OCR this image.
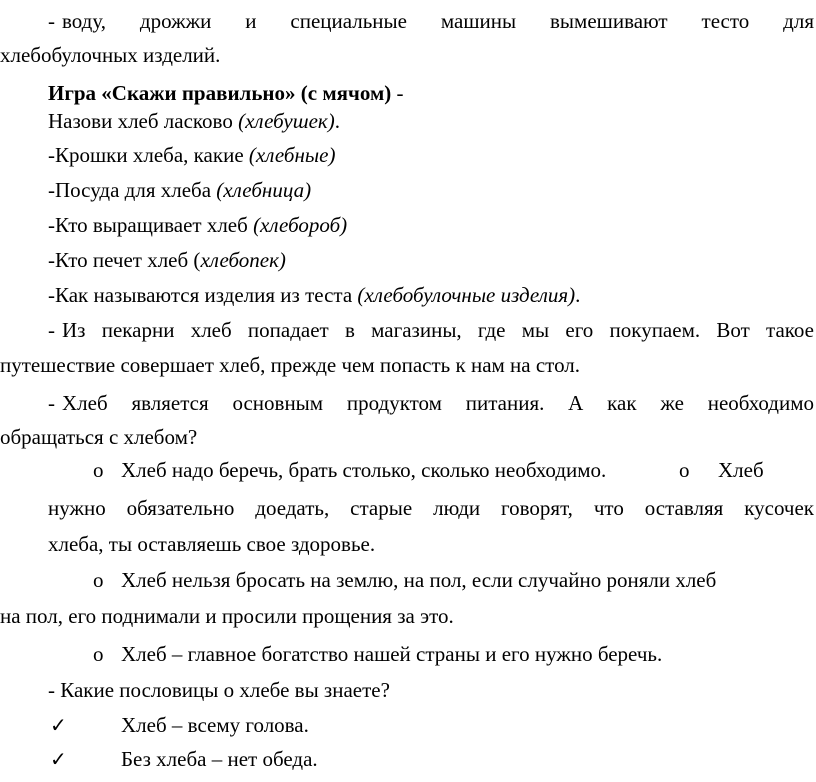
- воду, дрожжи и специальные машины вымешивают тесто для
хлебобулочных изделий.
Игра «Скажи правильно» (с мячом) -
Назови хлеб ласково (хлебушек).
-Крошки хлеба, какие (хлебные)
-Посуда для хлеба (хлебница)
-Кто выращивает хлеб (хлебороб)
-Кто печет хлеб (хлебопек)
-Как называются изделия из теста (хлебобулочные изделия).
- Из пекарни хлеб попадает в магазины, где мы его покупаем. Вот такое
путешествие совершает хлеб, прежде чем попасть к нам на стол.
- Хлеб является основным продуктом питания. А как же необходимо
обращаться с хлебом?
o Хлеб надо беречь, брать столько, сколько необходимо.	o Хлеб
нужно обязательно доедать, старые люди говорят, что оставляя кусочек
хлеба, ты оставляешь свое здоровье.
o Хлеб нельзя бросать на землю, на пол, если случайно роняли хлеб
на пол, его поднимали и просили прощения за это.
o Хлеб – главное богатство нашей страны и его нужно беречь.
- Какие пословицы о хлебе вы знаете?
✓	Хлеб – всему голова.
✓	Без хлеба – нет обеда.
